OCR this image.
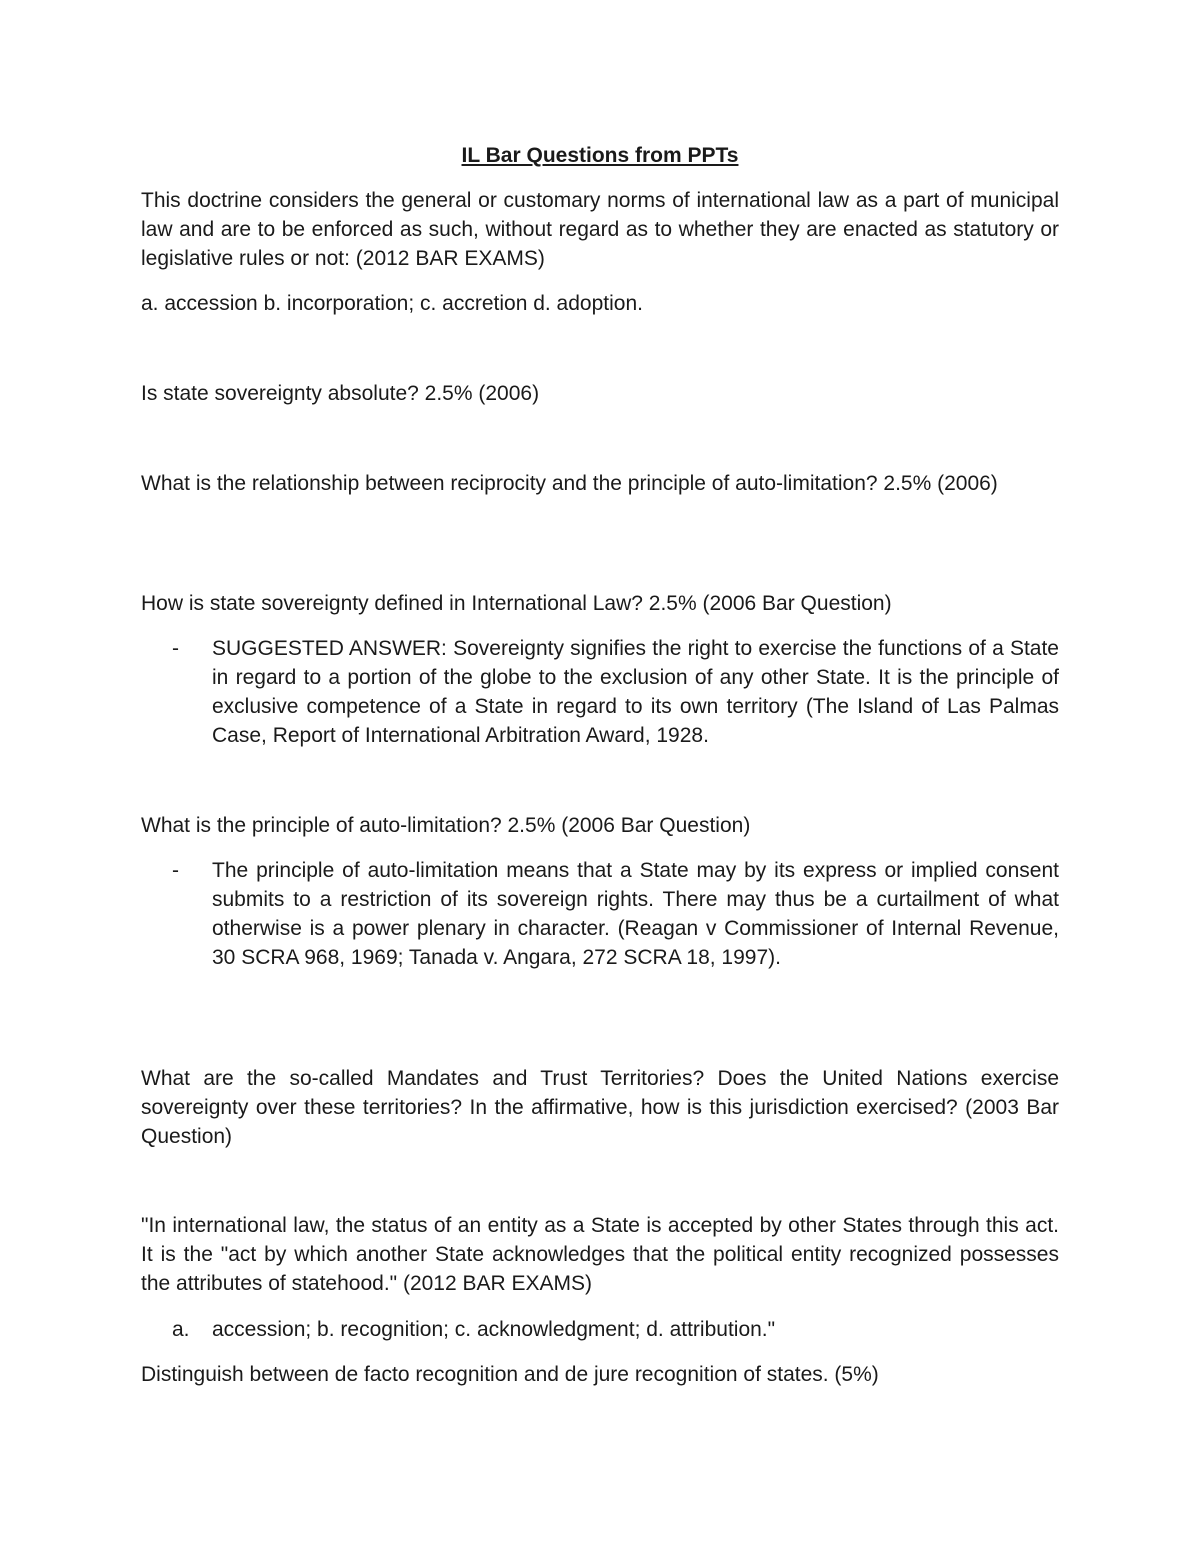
IL Bar Questions from PPTs

This doctrine considers the general or customary norms of international law as a part of municipal law and are to be enforced as such, without regard as to whether they are enacted as statutory or legislative rules or not: (2012 BAR EXAMS)

a. accession b. incorporation; c. accretion d. adoption.

Is state sovereignty absolute? 2.5% (2006)

What is the relationship between reciprocity and the principle of auto-limitation? 2.5% (2006)

How is state sovereignty defined in International Law? 2.5% (2006 Bar Question)

-	SUGGESTED ANSWER: Sovereignty signifies the right to exercise the functions of a State in regard to a portion of the globe to the exclusion of any other State. It is the principle of exclusive competence of a State in regard to its own territory (The Island of Las Palmas Case, Report of International Arbitration Award, 1928.

What is the principle of auto-limitation? 2.5% (2006 Bar Question)

-	The principle of auto-limitation means that a State may by its express or implied consent submits to a restriction of its sovereign rights. There may thus be a curtailment of what otherwise is a power plenary in character. (Reagan v Commissioner of Internal Revenue, 30 SCRA 968, 1969; Tanada v. Angara, 272 SCRA 18, 1997).

What are the so-called Mandates and Trust Territories? Does the United Nations exercise sovereignty over these territories? In the affirmative, how is this jurisdiction exercised? (2003 Bar Question)

"In international law, the status of an entity as a State is accepted by other States through this act. It is the "act by which another State acknowledges that the political entity recognized possesses the attributes of statehood." (2012 BAR EXAMS)

a.	accession; b. recognition; c. acknowledgment; d. attribution."

Distinguish between de facto recognition and de jure recognition of states. (5%)
